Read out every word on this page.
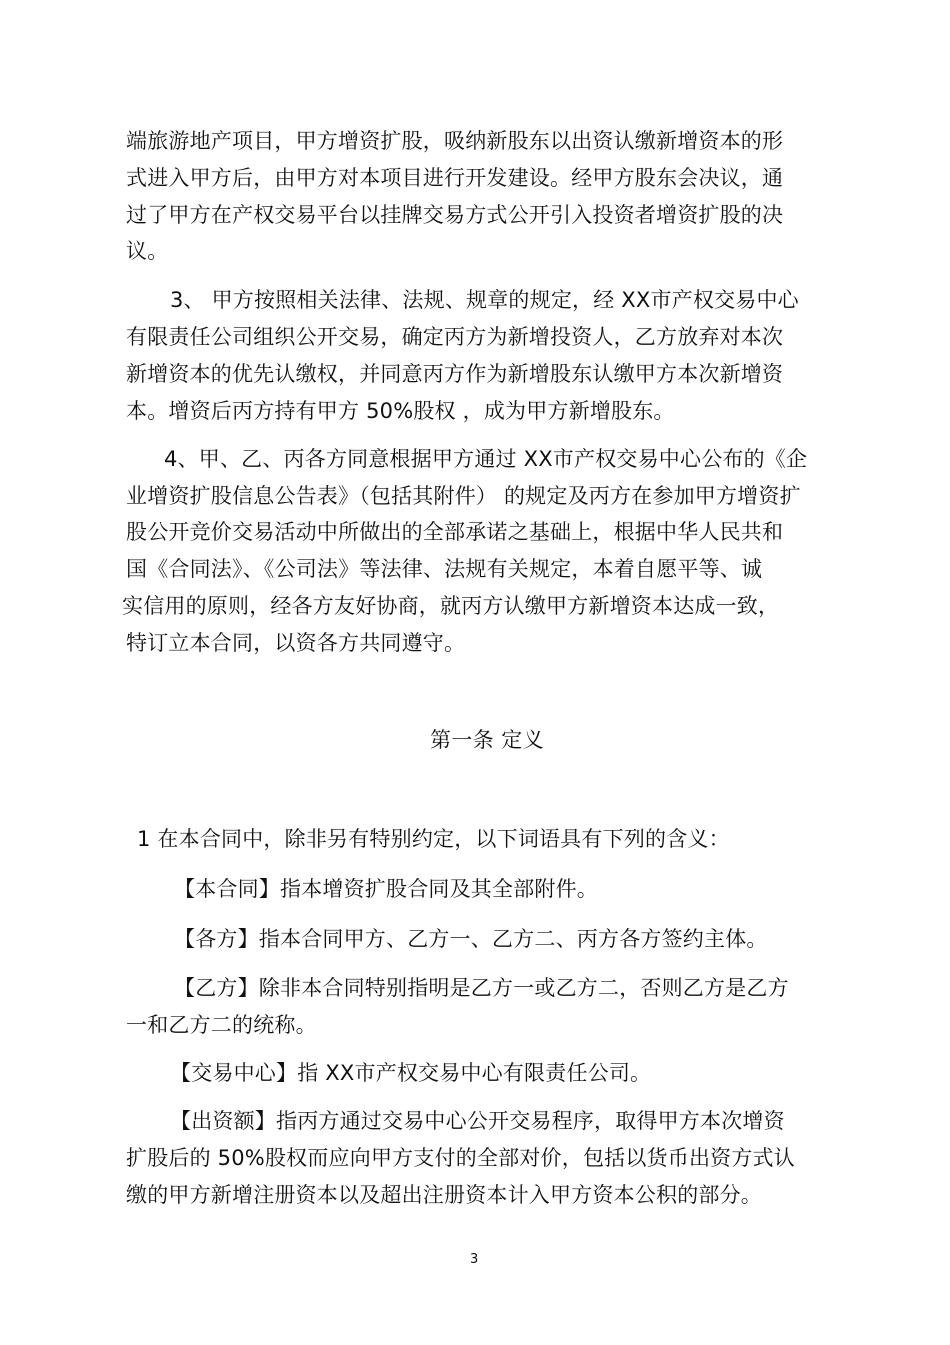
端旅游地产项目，甲方增资扩股，吸纳新股东以出资认缴新增资本的形
式进入甲方后，由甲方对本项目进行开发建设。经甲方股东会决议，通
过了甲方在产权交易平台以挂牌交易方式公开引入投资者增资扩股的决
议。
3、 甲方按照相关法律、法规、规章的规定，经 XX市产权交易中心
有限责任公司组织公开交易，确定丙方为新增投资人，乙方放弃对本次
新增资本的优先认缴权，并同意丙方作为新增股东认缴甲方本次新增资
本。增资后丙方持有甲方 50%股权 ，成为甲方新增股东。
4、甲、乙、丙各方同意根据甲方通过 XX市产权交易中心公布的《企
业增资扩股信息公告表》（包括其附件） 的规定及丙方在参加甲方增资扩
股公开竞价交易活动中所做出的全部承诺之基础上，根据中华人民共和
国《合同法》、《公司法》等法律、法规有关规定，本着自愿平等、诚
实信用的原则，经各方友好协商，就丙方认缴甲方新增资本达成一致，
特订立本合同，以资各方共同遵守。
第一条 定义
1 在本合同中，除非另有特别约定，以下词语具有下列的含义：
【本合同】指本增资扩股合同及其全部附件。
【各方】指本合同甲方、乙方一、乙方二、丙方各方签约主体。
【乙方】除非本合同特别指明是乙方一或乙方二，否则乙方是乙方
一和乙方二的统称。
【交易中心】指 XX市产权交易中心有限责任公司。
【出资额】指丙方通过交易中心公开交易程序，取得甲方本次增资
扩股后的 50%股权而应向甲方支付的全部对价，包括以货币出资方式认
缴的甲方新增注册资本以及超出注册资本计入甲方资本公积的部分。
3
